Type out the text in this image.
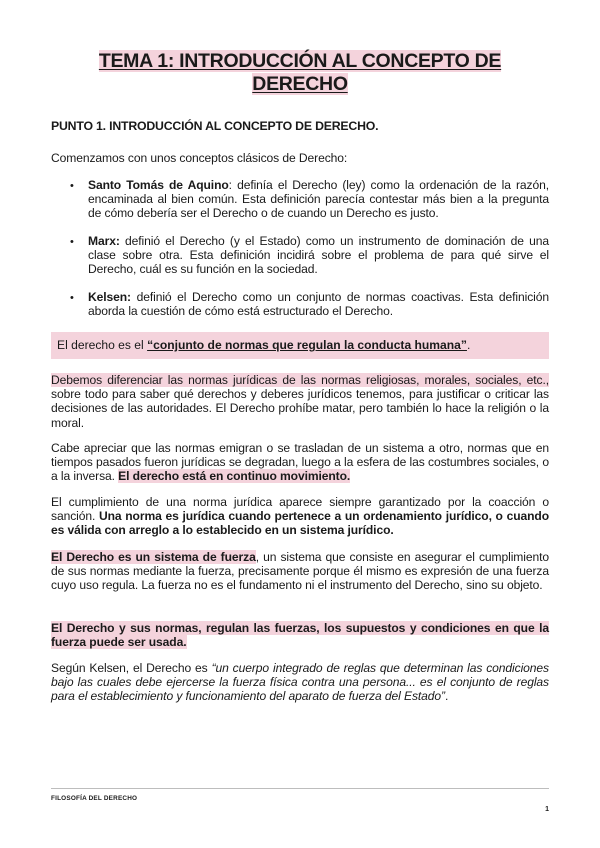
TEMA 1: INTRODUCCIÓN AL CONCEPTO DE
DERECHO
PUNTO 1. INTRODUCCIÓN AL CONCEPTO DE DERECHO.
Comenzamos con unos conceptos clásicos de Derecho:
• Santo Tomás de Aquino: definía el Derecho (ley) como la ordenación de la razón, encaminada al bien común. Esta definición parecía contestar más bien a la pregunta de cómo debería ser el Derecho o de cuando un Derecho es justo.
• Marx: definió el Derecho (y el Estado) como un instrumento de dominación de una clase sobre otra. Esta definición incidirá sobre el problema de para qué sirve el Derecho, cuál es su función en la sociedad.
• Kelsen: definió el Derecho como un conjunto de normas coactivas. Esta definición aborda la cuestión de cómo está estructurado el Derecho.
El derecho es el “conjunto de normas que regulan la conducta humana”.
Debemos diferenciar las normas jurídicas de las normas religiosas, morales, sociales, etc., sobre todo para saber qué derechos y deberes jurídicos tenemos, para justificar o criticar las decisiones de las autoridades. El Derecho prohíbe matar, pero también lo hace la religión o la moral.
Cabe apreciar que las normas emigran o se trasladan de un sistema a otro, normas que en tiempos pasados fueron jurídicas se degradan, luego a la esfera de las costumbres sociales, o a la inversa. El derecho está en continuo movimiento.
El cumplimiento de una norma jurídica aparece siempre garantizado por la coacción o sanción. Una norma es jurídica cuando pertenece a un ordenamiento jurídico, o cuando es válida con arreglo a lo establecido en un sistema jurídico.
El Derecho es un sistema de fuerza, un sistema que consiste en asegurar el cumplimiento de sus normas mediante la fuerza, precisamente porque él mismo es expresión de una fuerza cuyo uso regula. La fuerza no es el fundamento ni el instrumento del Derecho, sino su objeto.
El Derecho y sus normas, regulan las fuerzas, los supuestos y condiciones en que la fuerza puede ser usada.
Según Kelsen, el Derecho es “un cuerpo integrado de reglas que determinan las condiciones bajo las cuales debe ejercerse la fuerza física contra una persona... es el conjunto de reglas para el establecimiento y funcionamiento del aparato de fuerza del Estado”.
FILOSOFÍA DEL DERECHO
1
